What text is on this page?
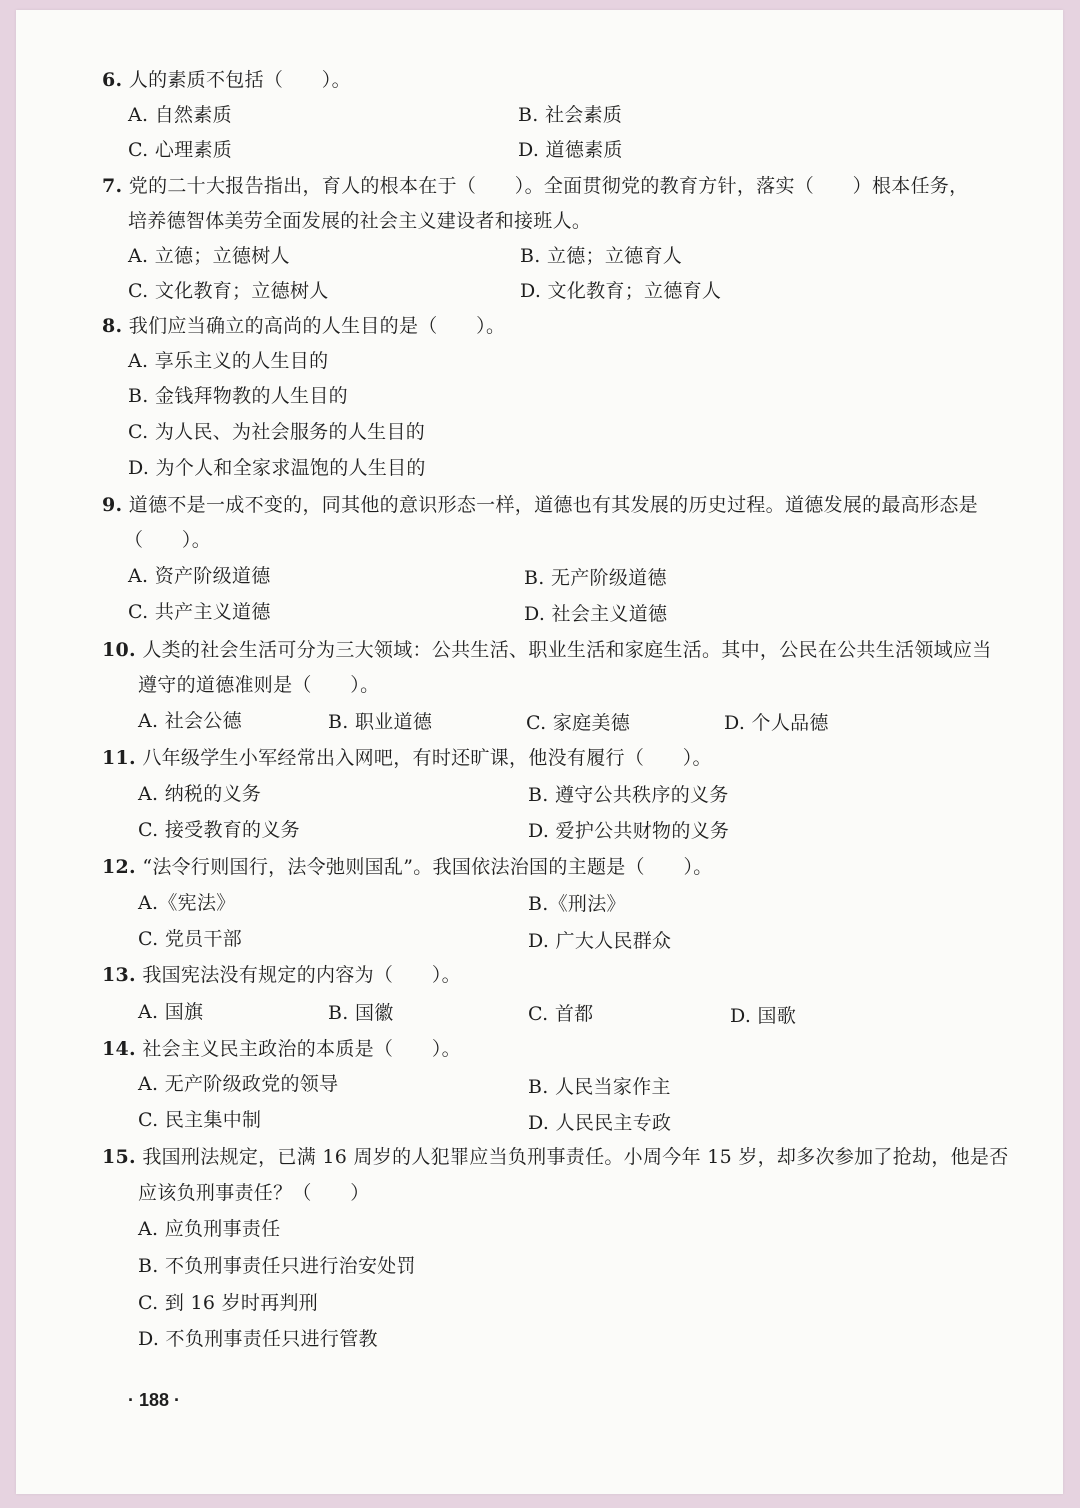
6. 人的素质不包括（　　）。
A. 自然素质	B. 社会素质
C. 心理素质	D. 道德素质
7. 党的二十大报告指出，育人的根本在于（　　）。全面贯彻党的教育方针，落实（　　）根本任务，
培养德智体美劳全面发展的社会主义建设者和接班人。
A. 立德；立德树人	B. 立德；立德育人
C. 文化教育；立德树人	D. 文化教育；立德育人
8. 我们应当确立的高尚的人生目的是（　　）。
A. 享乐主义的人生目的
B. 金钱拜物教的人生目的
C. 为人民、为社会服务的人生目的
D. 为个人和全家求温饱的人生目的
9. 道德不是一成不变的，同其他的意识形态一样，道德也有其发展的历史过程。道德发展的最高形态是
（　　）。
A. 资产阶级道德	B. 无产阶级道德
C. 共产主义道德	D. 社会主义道德
10. 人类的社会生活可分为三大领域：公共生活、职业生活和家庭生活。其中，公民在公共生活领域应当
遵守的道德准则是（　　）。
A. 社会公德	B. 职业道德	C. 家庭美德	D. 个人品德
11. 八年级学生小军经常出入网吧，有时还旷课，他没有履行（　　）。
A. 纳税的义务	B. 遵守公共秩序的义务
C. 接受教育的义务	D. 爱护公共财物的义务
12. “法令行则国行，法令弛则国乱”。我国依法治国的主题是（　　）。
A.《宪法》	B.《刑法》
C. 党员干部	D. 广大人民群众
13. 我国宪法没有规定的内容为（　　）。
A. 国旗	B. 国徽	C. 首都	D. 国歌
14. 社会主义民主政治的本质是（　　）。
A. 无产阶级政党的领导	B. 人民当家作主
C. 民主集中制	D. 人民民主专政
15. 我国刑法规定，已满 16 周岁的人犯罪应当负刑事责任。小周今年 15 岁，却多次参加了抢劫，他是否
应该负刑事责任？（　　）
A. 应负刑事责任
B. 不负刑事责任只进行治安处罚
C. 到 16 岁时再判刑
D. 不负刑事责任只进行管教
· 188 ·
